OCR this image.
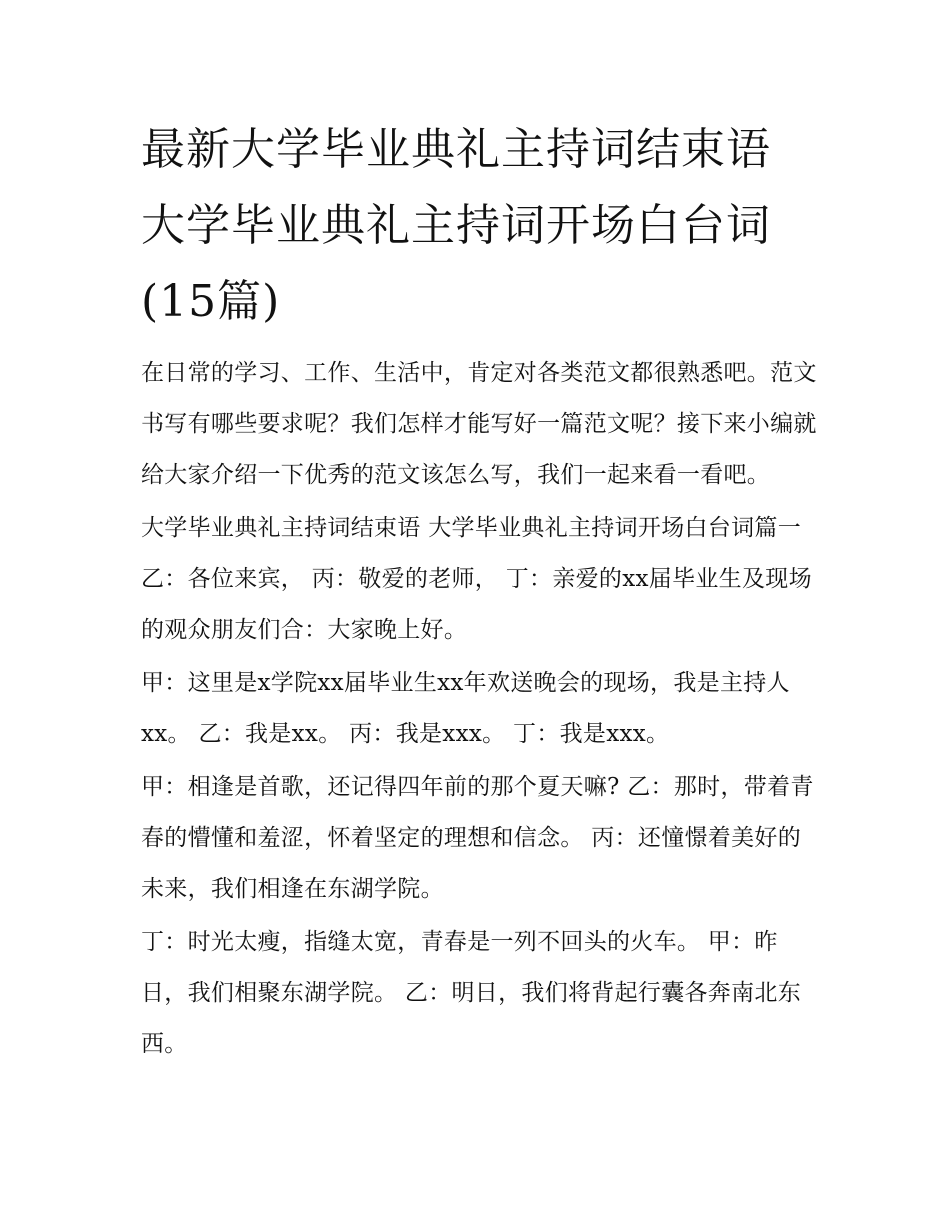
最新大学毕业典礼主持词结束语 大学毕业典礼主持词开场白台词(15篇)

在日常的学习、工作、生活中，肯定对各类范文都很熟悉吧。范文书写有哪些要求呢？我们怎样才能写好一篇范文呢？接下来小编就给大家介绍一下优秀的范文该怎么写，我们一起来看一看吧。

大学毕业典礼主持词结束语 大学毕业典礼主持词开场白台词篇一 乙：各位来宾， 丙：敬爱的老师， 丁：亲爱的xx届毕业生及现场的观众朋友们合：大家晚上好。

甲：这里是x学院xx届毕业生xx年欢送晚会的现场，我是主持人xx。 乙：我是xx。 丙：我是xxx。 丁：我是xxx。

甲：相逢是首歌，还记得四年前的那个夏天嘛? 乙：那时，带着青春的懵懂和羞涩，怀着坚定的理想和信念。 丙：还憧憬着美好的未来，我们相逢在东湖学院。

丁：时光太瘦，指缝太宽，青春是一列不回头的火车。 甲：昨日，我们相聚东湖学院。 乙：明日，我们将背起行囊各奔南北东西。
